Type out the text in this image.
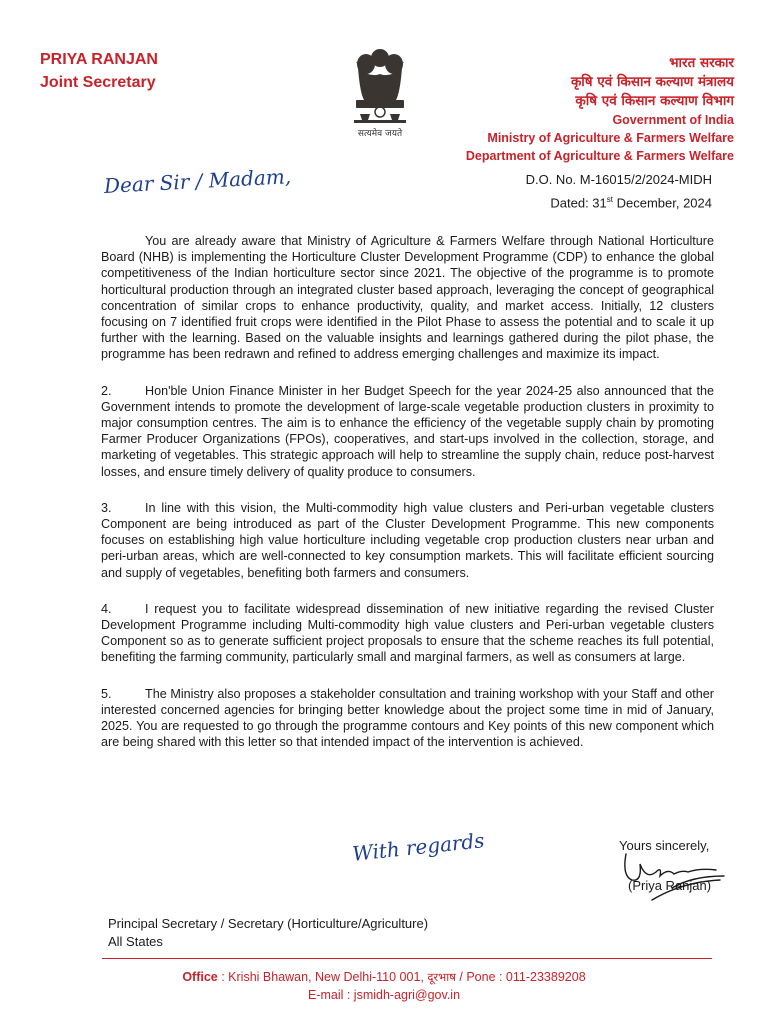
PRIYA RANJAN
Joint Secretary
सत्यमेव जयते
भारत सरकार
कृषि एवं किसान कल्याण मंत्रालय
कृषि एवं किसान कल्याण विभाग
Government of India
Ministry of Agriculture & Farmers Welfare
Department of Agriculture & Farmers Welfare
D.O. No. M-16015/2/2024-MIDH
Dated: 31st December, 2024
Dear Sir / Madam,

You are already aware that Ministry of Agriculture & Farmers Welfare through National Horticulture Board (NHB) is implementing the Horticulture Cluster Development Programme (CDP) to enhance the global competitiveness of the Indian horticulture sector since 2021. The objective of the programme is to promote horticultural production through an integrated cluster based approach, leveraging the concept of geographical concentration of similar crops to enhance productivity, quality, and market access. Initially, 12 clusters focusing on 7 identified fruit crops were identified in the Pilot Phase to assess the potential and to scale it up further with the learning. Based on the valuable insights and learnings gathered during the pilot phase, the programme has been redrawn and refined to address emerging challenges and maximize its impact.

2.	Hon'ble Union Finance Minister in her Budget Speech for the year 2024-25 also announced that the Government intends to promote the development of large-scale vegetable production clusters in proximity to major consumption centres. The aim is to enhance the efficiency of the vegetable supply chain by promoting Farmer Producer Organizations (FPOs), cooperatives, and start-ups involved in the collection, storage, and marketing of vegetables. This strategic approach will help to streamline the supply chain, reduce post-harvest losses, and ensure timely delivery of quality produce to consumers.

3.	In line with this vision, the Multi-commodity high value clusters and Peri-urban vegetable clusters Component are being introduced as part of the Cluster Development Programme. This new components focuses on establishing high value horticulture including vegetable crop production clusters near urban and peri-urban areas, which are well-connected to key consumption markets. This will facilitate efficient sourcing and supply of vegetables, benefiting both farmers and consumers.

4.	I request you to facilitate widespread dissemination of new initiative regarding the revised Cluster Development Programme including Multi-commodity high value clusters and Peri-urban vegetable clusters Component so as to generate sufficient project proposals to ensure that the scheme reaches its full potential, benefiting the farming community, particularly small and marginal farmers, as well as consumers at large.

5.	The Ministry also proposes a stakeholder consultation and training workshop with your Staff and other interested concerned agencies for bringing better knowledge about the project some time in mid of January, 2025. You are requested to go through the programme contours and Key points of this new component which are being shared with this letter so that intended impact of the intervention is achieved.

With regards	Yours sincerely,
(Priya Ranjan)
Principal Secretary / Secretary (Horticulture/Agriculture)
All States
Office : Krishi Bhawan, New Delhi-110 001, दूरभाष / Pone : 011-23389208
E-mail : jsmidh-agri@gov.in
